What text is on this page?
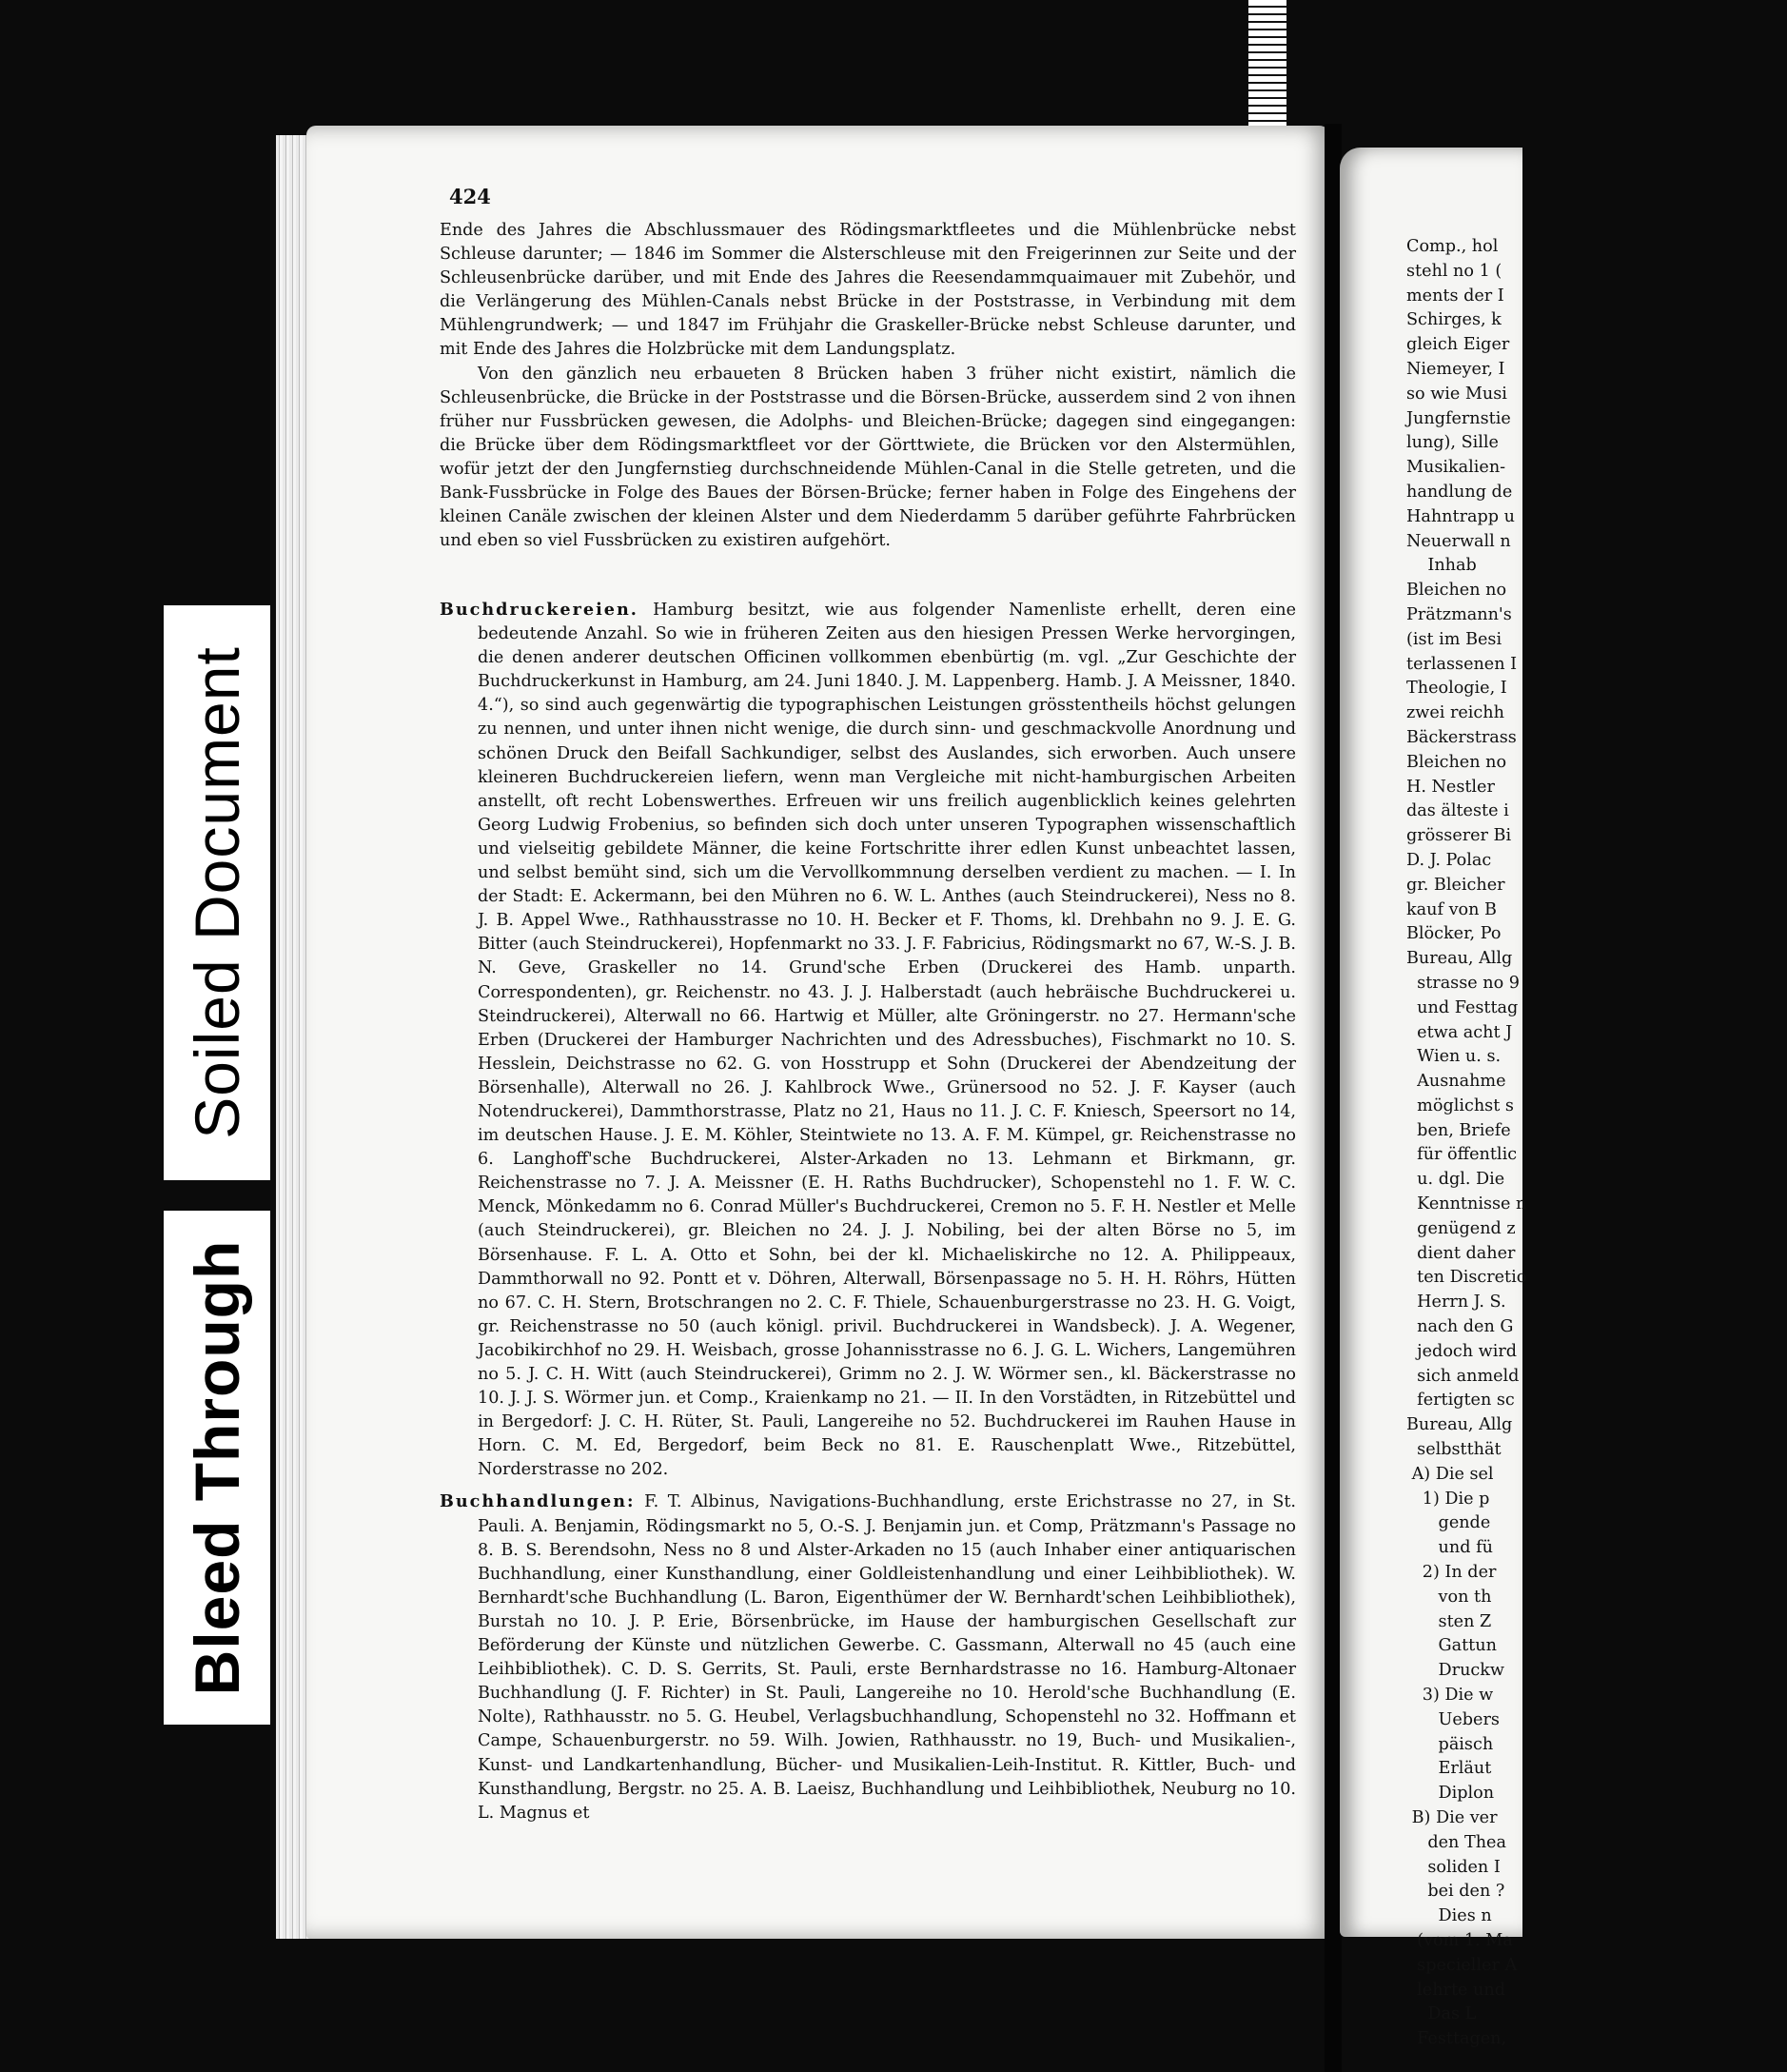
Bleed Through
Soiled Document
424

Ende des Jahres die Abschlussmauer des Rödingsmarktfleetes und die Mühlenbrücke nebst Schleuse darunter; — 1846 im Sommer die Alsterschleuse mit den Freigerinnen zur Seite und der Schleusenbrücke darüber, und mit Ende des Jahres die Reesendammquaimauer mit Zubehör, und die Verlängerung des Mühlen-Canals nebst Brücke in der Poststrasse, in Verbindung mit dem Mühlengrundwerk; — und 1847 im Frühjahr die Graskeller-Brücke nebst Schleuse darunter, und mit Ende des Jahres die Holzbrücke mit dem Landungsplatz.

Von den gänzlich neu erbaueten 8 Brücken haben 3 früher nicht existirt, nämlich die Schleusenbrücke, die Brücke in der Poststrasse und die Börsen-Brücke, ausserdem sind 2 von ihnen früher nur Fussbrücken gewesen, die Adolphs- und Bleichen-Brücke; dagegen sind eingegangen: die Brücke über dem Rödingsmarktfleet vor der Görttwiete, die Brücken vor den Alstermühlen, wofür jetzt der den Jungfernstieg durchschneidende Mühlen-Canal in die Stelle getreten, und die Bank-Fussbrücke in Folge des Baues der Börsen-Brücke; ferner haben in Folge des Eingehens der kleinen Canäle zwischen der kleinen Alster und dem Niederdamm 5 darüber geführte Fahrbrücken und eben so viel Fussbrücken zu existiren aufgehört.

Buchdruckereien. Hamburg besitzt, wie aus folgender Namenliste erhellt, deren eine bedeutende Anzahl. So wie in früheren Zeiten aus den hiesigen Pressen Werke hervorgingen, die denen anderer deutschen Officinen vollkommen ebenbürtig (m. vgl. „Zur Geschichte der Buchdruckerkunst in Hamburg, am 24. Juni 1840. J. M. Lappenberg. Hamb. J. A Meissner, 1840. 4.“), so sind auch gegenwärtig die typographischen Leistungen grösstentheils höchst gelungen zu nennen, und unter ihnen nicht wenige, die durch sinn- und geschmackvolle Anordnung und schönen Druck den Beifall Sachkundiger, selbst des Auslandes, sich erworben. Auch unsere kleineren Buchdruckereien liefern, wenn man Vergleiche mit nicht-hamburgischen Arbeiten anstellt, oft recht Lobenswerthes. Erfreuen wir uns freilich augenblicklich keines gelehrten Georg Ludwig Frobenius, so befinden sich doch unter unseren Typographen wissenschaftlich und vielseitig gebildete Männer, die keine Fortschritte ihrer edlen Kunst unbeachtet lassen, und selbst bemüht sind, sich um die Vervollkommnung derselben verdient zu machen. — I. In der Stadt: E. Ackermann, bei den Mühren no 6. W. L. Anthes (auch Steindruckerei), Ness no 8. J. B. Appel Wwe., Rathhausstrasse no 10. H. Becker et F. Thoms, kl. Drehbahn no 9. J. E. G. Bitter (auch Steindruckerei), Hopfenmarkt no 33. J. F. Fabricius, Rödingsmarkt no 67, W.-S. J. B. N. Geve, Graskeller no 14. Grund'sche Erben (Druckerei des Hamb. unparth. Correspondenten), gr. Reichenstr. no 43. J. J. Halberstadt (auch hebräische Buchdruckerei u. Steindruckerei), Alterwall no 66. Hartwig et Müller, alte Gröningerstr. no 27. Hermann'sche Erben (Druckerei der Hamburger Nachrichten und des Adressbuches), Fischmarkt no 10. S. Hesslein, Deichstrasse no 62. G. von Hosstrupp et Sohn (Druckerei der Abendzeitung der Börsenhalle), Alterwall no 26. J. Kahlbrock Wwe., Grünersood no 52. J. F. Kayser (auch Notendruckerei), Dammthorstrasse, Platz no 21, Haus no 11. J. C. F. Kniesch, Speersort no 14, im deutschen Hause. J. E. M. Köhler, Steintwiete no 13. A. F. M. Kümpel, gr. Reichenstrasse no 6. Langhoff'sche Buchdruckerei, Alster-Arkaden no 13. Lehmann et Birkmann, gr. Reichenstrasse no 7. J. A. Meissner (E. H. Raths Buchdrucker), Schopenstehl no 1. F. W. C. Menck, Mönkedamm no 6. Conrad Müller's Buchdruckerei, Cremon no 5. F. H. Nestler et Melle (auch Steindruckerei), gr. Bleichen no 24. J. J. Nobiling, bei der alten Börse no 5, im Börsenhause. F. L. A. Otto et Sohn, bei der kl. Michaeliskirche no 12. A. Philippeaux, Dammthorwall no 92. Pontt et v. Döhren, Alterwall, Börsenpassage no 5. H. H. Röhrs, Hütten no 67. C. H. Stern, Brotschrangen no 2. C. F. Thiele, Schauenburgerstrasse no 23. H. G. Voigt, gr. Reichenstrasse no 50 (auch königl. privil. Buchdruckerei in Wandsbeck). J. A. Wegener, Jacobikirchhof no 29. H. Weisbach, grosse Johannisstrasse no 6. J. G. L. Wichers, Langemühren no 5. J. C. H. Witt (auch Steindruckerei), Grimm no 2. J. W. Wörmer sen., kl. Bäckerstrasse no 10. J. J. S. Wörmer jun. et Comp., Kraienkamp no 21. — II. In den Vorstädten, in Ritzebüttel und in Bergedorf: J. C. H. Rüter, St. Pauli, Langereihe no 52. Buchdruckerei im Rauhen Hause in Horn. C. M. Ed, Bergedorf, beim Beck no 81. E. Rauschenplatt Wwe., Ritzebüttel, Norderstrasse no 202.
Buchhandlungen: F. T. Albinus, Navigations-Buchhandlung, erste Erichstrasse no 27, in St. Pauli. A. Benjamin, Rödingsmarkt no 5, O.-S. J. Benjamin jun. et Comp, Prätzmann's Passage no 8. B. S. Berendsohn, Ness no 8 und Alster-Arkaden no 15 (auch Inhaber einer antiquarischen Buchhandlung, einer Kunsthandlung, einer Goldleistenhandlung und einer Leihbibliothek). W. Bernhardt'sche Buchhandlung (L. Baron, Eigenthümer der W. Bernhardt'schen Leihbibliothek), Burstah no 10. J. P. Erie, Börsenbrücke, im Hause der hamburgischen Gesellschaft zur Beförderung der Künste und nützlichen Gewerbe. C. Gassmann, Alterwall no 45 (auch eine Leihbibliothek). C. D. S. Gerrits, St. Pauli, erste Bernhardstrasse no 16. Hamburg-Altonaer Buchhandlung (J. F. Richter) in St. Pauli, Langereihe no 10. Herold'sche Buchhandlung (E. Nolte), Rathhausstr. no 5. G. Heubel, Verlagsbuchhandlung, Schopenstehl no 32. Hoffmann et Campe, Schauenburgerstr. no 59. Wilh. Jowien, Rathhausstr. no 19, Buch- und Musikalien-, Kunst- und Landkartenhandlung, Bücher- und Musikalien-Leih-Institut. R. Kittler, Buch- und Kunsthandlung, Bergstr. no 25. A. B. Laeisz, Buchhandlung und Leihbibliothek, Neuburg no 10. L. Magnus et
Comp., hol
stehl no 1 (
ments der I
Schirges, k
gleich Eiger
Niemeyer, I
so wie Musi
Jungfernstie
lung), Sille
Musikalien-
handlung de
Hahntrapp u
Neuerwall n
Inhab
Bleichen no
Prätzmann's
(ist im Besi
terlassenen I
Theologie, I
zwei reichh
Bäckerstrass
Bleichen no
H. Nestler
das älteste i
grösserer Bi
D. J. Polac
gr. Bleicher
kauf von B
Blöcker, Po
Bureau, Allg
strasse no 9
und Festtag
etwa acht J
Wien u. s.
Ausnahme
möglichst s
ben, Briefe
für öffentlic
u. dgl. Die
Kenntnisse n
genügend z
dient daher
ten Discretio
Herrn J. S.
nach den G
jedoch wird
sich anmeld
fertigten sc
Bureau, Allg
selbstthät
A) Die sel
1) Die p
gende
und fü
2) In der
von th
sten Z
Gattun
Druckw
3) Die w
Uebers
päisch
Erläut
Diplon
B) Die ver
den Thea
soliden I
bei den ?
Dies n
(vom 1. Ma
specieller A
lehrte und
Das L
Festtagen,
